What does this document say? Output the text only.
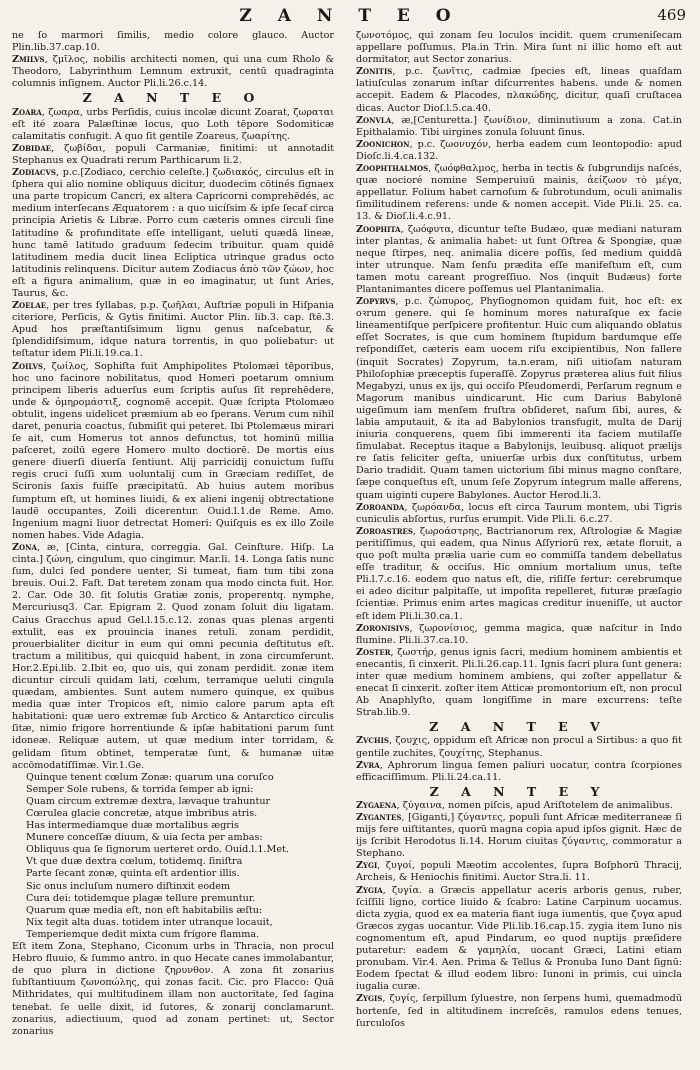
Z A N T E O	469
ne ſo marmori ſimilis, medio colore glauco. Auctor Plin.lib.37.cap.10.
Zmilvs, ζμῖλος, nobilis architecti nomen, qui una cum Rholo & Theodoro, Labyrinthum Lemnum extruxit, centū quadraginta columnis inſignem. Auctor Pli.li.26.c.14.
Z A N T E O
Zoara, ζωαρα, urbs Perſidis, cuius incolæ dicunt Zoarat, ζωραται eſt ité zoara Palæſtinæ locus, quo Loth tēpore Sodomiticæ calamitatis confugit. A quo ſit gentile Zoareus, ζωαρίτης.
Zobidae, ζωβίδαι, populi Carmaniæ, finitimi: ut annotadit Stephanus ex Quadrati rerum Parthicarum li.2.
Zodiacvs, p.c.[Zodiaco, cerchio celeſte.] ζωδιακός, circulus eſt in ſphera qui alio nomine obliquus dicitur, duodecim cōtinés ſignaex una parte tropicum Cancri, ex altera Capricorni comprehēdés, ac medium interſecans Æquatorem : a quo uicíſsim & ipſe ſecaf circa principia Arietis & Libræ. Porro cum cæteris omnes circuli ſine latitudine & profunditate eſſe intelligant, ueluti quædā lineæ, hunc tamē latitudo graduum ſedecim tribuitur. quam quidē latitudinem media ducit linea Ecliptica utrinque gradus octo latitudinis relinquens. Dicitur autem Zodiacus ἀπὸ τῶν ζώων, hoc eſt a figura animalium, quæ in eo imaginatur, ut ſunt Aries, Taurus, &c.
Zoelae, per tres ſyllabas, p.p. ζωῆλαι, Auſtriæ populi in Hiſpania citeriore, Perſicis, & Gytis finitimi. Auctor Plin. lib.3. cap. ſtē.3. Apud hos præſtantiſsimum lignu genus naſcebatur, & ſplendidiſsimum, idque natura torrentis, in quo poliebatur: ut teſtatur idem Pli.li.19.ca.1.
Zoilvs, ζωίλος, Sophiſta fuit Amphipolites Ptolomæi tēporibus, hoc uno facinore nobilitatus, quod Homeri poetarum omnium principem liberis aduerſus eum ſcriptis auſus ſit reprehēdere, unde & ὁμηρομάστιξ, cognomē accepit. Quæ ſcripta Ptolomæo obtulit, ingens uidelicet præmium ab eo ſperans. Verum cum nihil daret, penuria coactus, ſubmiſit qui peteret. Ibi Ptolemæus mirari ſe ait, cum Homerus tot annos defunctus, tot hominū millia paſceret, zoilū egere Homero multo doctiorē. De mortis eius genere diuerſi diuerſa ſentiunt. Alij parricidij conuictum ſuſſu regis cruci ſuſſi xum uoluntalij cum in Græciam rediſſet, de Scironis ſaxis fuiſſe præcipitatū. Ab huius autem moribus ſumptum eſt, ut homines liuidi, & ex alieni ingenij obtrectatione laudē occupantes, Zoili dicerentur. Ouid.l.1.de Reme. Amo. Ingenium magni liuor detrectat Homeri: Quiſquis es ex illo Zoile nomen habes. Vide Adagia.
Zona, æ, [Cinta, cintura, correggia. Gal. Ceinſture. Hiſp. La cinta.] ζώνη, cingulum, quo cingimur. Mar.li. 14. Longa ſatis nunc ſum, dulci ſed pondere uenter, Si tumeat, fiam tum tibi zona breuis. Oui.2. Faſt. Dat teretem zonam qua modo cincta fuit. Hor. 2. Car. Ode 30. ſit ſolutis Gratiæ zonis, properentq. nymphe, Mercuriusq3. Car. Epigram 2. Quod zonam ſoluit diu ligatam. Caius Gracchus apud Gel.l.15.c.12. zonas quas plenas argenti extulit, eas ex prouincia inanes retuli. zonam perdidit, prouerbialiter dicitur in eum qui omni pecunia deſtitutus eſt. tractum a militibus, qui quicquid habent, in zona circumferunt. Hor.2.Epi.lib. 2.Ibit eo, quo uis, qui zonam perdidit. zonæ item dicuntur circuli quidam lati, cœlum, terramque ueluti cingula quædam, ambientes. Sunt autem numero quinque, ex quibus media quæ inter Tropicos eſt, nimio calore parum apta eſt habitationi: quæ uero extremæ ſub Arctico & Antarctico circulis ſitæ, nimio frigore horrentiunde & ipſæ habitationi parum ſunt idoneæ. Reliquæ autem, ut quæ medium inter torridam, & gelidam ſitum obtinet, temperatæ ſunt, & humanæ uitæ accōmodatiſſimæ. Vir.1.Ge.
Quinque tenent cœlum Zonæ: quarum una coruſco
Semper Sole rubens, & torrida ſemper ab igni:
Quam circum extremæ dextra, lævaque trahuntur
Cœrulea glacie concretæ, atque imbribus atris.
Has intermediamque duæ mortalibus ægris
Munere conceſſæ diuum, & uia ſecta per ambas:
Obliquus qua ſe ſignorum uerteret ordo. Ouid.l.1.Met.
Vt que duæ dextra cœlum, totidemq. ſiniſtra
Parte ſecant zonæ, quinta eſt ardentior illis.
Sic onus incluſum numero diſtinxit eodem
Cura dei: totidemque plagæ tellure premuntur.
Quarum quæ media eſt, non eſt habitabilis æſtu:
Nix tegit alta duas. totidem inter utranque locauit,
Temperiemque dedit mixta cum frigore flamma.
Eſt item Zona, Stephano, Ciconum urbs in Thracia, non procul Hebro fluuio, & ſummo antro. in quo Hecate canes immolabantur, de quo plura in dictione ζηρυνθον. A zona fit zonarius ſubſtantiuum ζωνοπώλης, qui zonas facit. Cic. pro Flacco: Quā Mithridates, qui multitudinem illam non auctoritate, ſed ſagina tenebat. ſe uelle dixit, id ſutores, & zonarij conclamarunt. zonarius, adiectiuum, quod ad zonam pertinet: ut, Sector zonarius
ζωνοτόμος, qui zonam ſeu loculos incidit. quem crumeniſecam appellare poſſumus. Pla.in Trin. Mira ſunt ni illic homo eſt aut dormitator, aut Sector zonarius.
Zonitis, p.c. ζωνῖτις, cadmiæ ſpecies eſt, lineas quaſdam latiuſculas zonarum inſtar diſcurrentes habens. unde & nomen accepit. Eadem & Placodes, πλακώδης, dicitur, quaſi cruſtacea dicas. Auctor Dioſ.l.5.ca.40.
Zonvla, æ,[Centuretta.] ζωνίδιον, diminutiuum a zona. Cat.in Epithalamio. Tibi uirgines zonula ſoluunt ſinus.
Zoonichon, p.c. ζωονυχόν, herba eadem cum leontopodio: apud Dioſc.li.4.ca.132.
Zoophthalmos, ζωόφθαλμος, herba in tectis & ſubgrundijs naſcés, quæ nocioré nomine Semperuiuū mainis, ἀείζωον τὸ μέγα, appellatur. Folium habet carnoſum & ſubrotundum, oculi animalis ſimilitudinem referens: unde & nomen accepit. Vide Pli.li. 25. ca. 13. & Dioſ.li.4.c.91.
Zoophita, ζωόφυτα, dicuntur teſte Budæo, quæ mediani naturam inter plantas, & animalia habet: ut ſunt Oſtrea & Spongiæ, quæ neque ſtirpes, neq. animalia dicere poſſis, ſed medium quiddā inter utrunque. Nam ſenſu prædita eſſe manifeſtum eſt, cum tamen motu careant progreſſiuo. Nos (inquit Budæus) forte Plantanimantes dicere poſſemus uel Plantanimalia.
Zopyrvs, p.c. ζώπυρος, Phyſiognomon quidam fuit, hoc eſt: ex oꝛrum genere. qui ſe hominum mores naturaſque ex facie lineamentiſque perſpicere profitentur. Huic cum aliquando oblatus eſſet Socrates, is que cum hominem ſtupidum bardumque eſſe reſpondiſſet, cæteris eam uocem riſu excipientibus, Non fallere (inquit Socrates) Zopyrum, ta.n.eram, niſi uitioſam naturam Philoſophiæ præceptis ſuperaſſē. Zopyrus præterea alius fuit filius Megabyzi, unus ex ijs, qui occiſo Pſeudomerdi, Perſarum regnum e Magorum manibus uindicarunt. Hic cum Darius Babylonē uigeſimum iam menſem fruſtra obſideret, naſum ſibi, aures, & labia amputauit, & ita ad Babylonios transfugit, multa de Darij iniuria conquerens, quem ſibi immerenti ita faciem mutilaſſe ſimulabat. Receptus itaque a Babylonijs, leuibusq. aliquot prælijs re ſatis feliciter geſta, uniuerſæ urbis dux conſtitutus, urbem Dario tradidit. Quam tamen uictorium ſibi minus magno conſtare, ſæpe conqueſtus eſt, unum ſeſe Zopyrum integrum malle afferens, quam uiginti cupere Babylones. Auctor Herod.li.3.
Zoroanda, ζωρόανδα, locus eſt circa Taurum montem, ubi Tigris cuniculis abſortus, rurſus erumpit. Vide Pli.li. 6.c.27.
Zoroastres, ζωροάστρης, Bactrianorum rex, Aſtrologiæ & Magiæ peritiſſimus, qui eadem, qua Ninus Aſſyriorū rex, ætate floruit, a quo poſt multa prælia uarie cum eo commiſſa tandem debellatus eſſe traditur, & occiſus. Hic omnium mortalium unus, teſte Pli.l.7.c.16. eodem quo natus eſt, die, riſiſſe fertur: cerebrumque ei adeo dicitur palpitaſſe, ut impoſita repelleret, futuræ præſagio ſcientiæ. Primus enim artes magicas creditur inueniſſe, ut auctor eſt idem Pli.li.30.ca.1.
Zoronisivs, ζωρονίσιος, gemma magica, quæ naſcitur in Indo flumine. Pli.li.37.ca.10.
Zoster, ζωστήρ, genus ignis ſacri, medium hominem ambientis et enecantis, ſi cinxerit. Pli.li.26.cap.11. Ignis ſacri plura ſunt genera: inter quæ medium hominem ambiens, qui zoſter appellatur & enecat ſi cinxerit. zoſter item Atticæ promontorium eſt, non procul Ab Anaphlyſto, quam longiſſime in mare excurrens: teſte Strab.lib.9.
Z A N T E V
Zvchis, ζουχις, oppidum eſt Africæ non procul a Sirtibus: a quo fit gentile zuchites, ζουχίτης, Stephanus.
Zvra, Aphrorum lingua ſemen paliuri uocatur, contra ſcorpiones efficaciſſimum. Pli.li.24.ca.11.
Z A N T E Y
Zygaena, ζύγαινα, nomen piſcis, apud Ariſtotelem de animalibus.
Zygantes, [Giganti,] ζύγαντες, populi ſunt Africæ mediterraneæ ſi mijs fere uiſtitantes, quorū magna copia apud ipſos gignit. Hæc de ijs ſcribit Herodotus li.14. Horum ciuitas ζύγαντις, commoratur a Stephano.
Zygi, ζυγοί, populi Mæotim accolentes, ſupra Boſphorū Thracij, Archeis, & Heniochis finitimi. Auctor Stra.li. 11.
Zygia, ζυγία. a Græcis appellatur aceris arboris genus, ruber, ſciſſili ligno, cortice liuido & ſcabro: Latine Carpinum uocamus. dicta zygia, quod ex ea materia fiant iuga iumentis, que ζυγα apud Græcos zygas uocantur. Vide Pli.lib.16.cap.15. zygia item Iuno nis cognomentum eſt, apud Pindarum, eo quod nuptijs præſidere putaretur: eadem & γαμηλία, uocant Græci, Latini etiam pronubam. Vir.4. Aen. Prima & Tellus & Pronuba Iuno Dant ſignū: Eodem ſpectat & illud eodem libro: Iunoni in primis, cui uincla iugalia curæ.
Zygis, ζυγίς, ſerpillum ſyluestre, non ſerpens humi, quemadmodū hortenſe, ſed in altitudinem increſcēs, ramulos edens tenues, ſurculoſos
